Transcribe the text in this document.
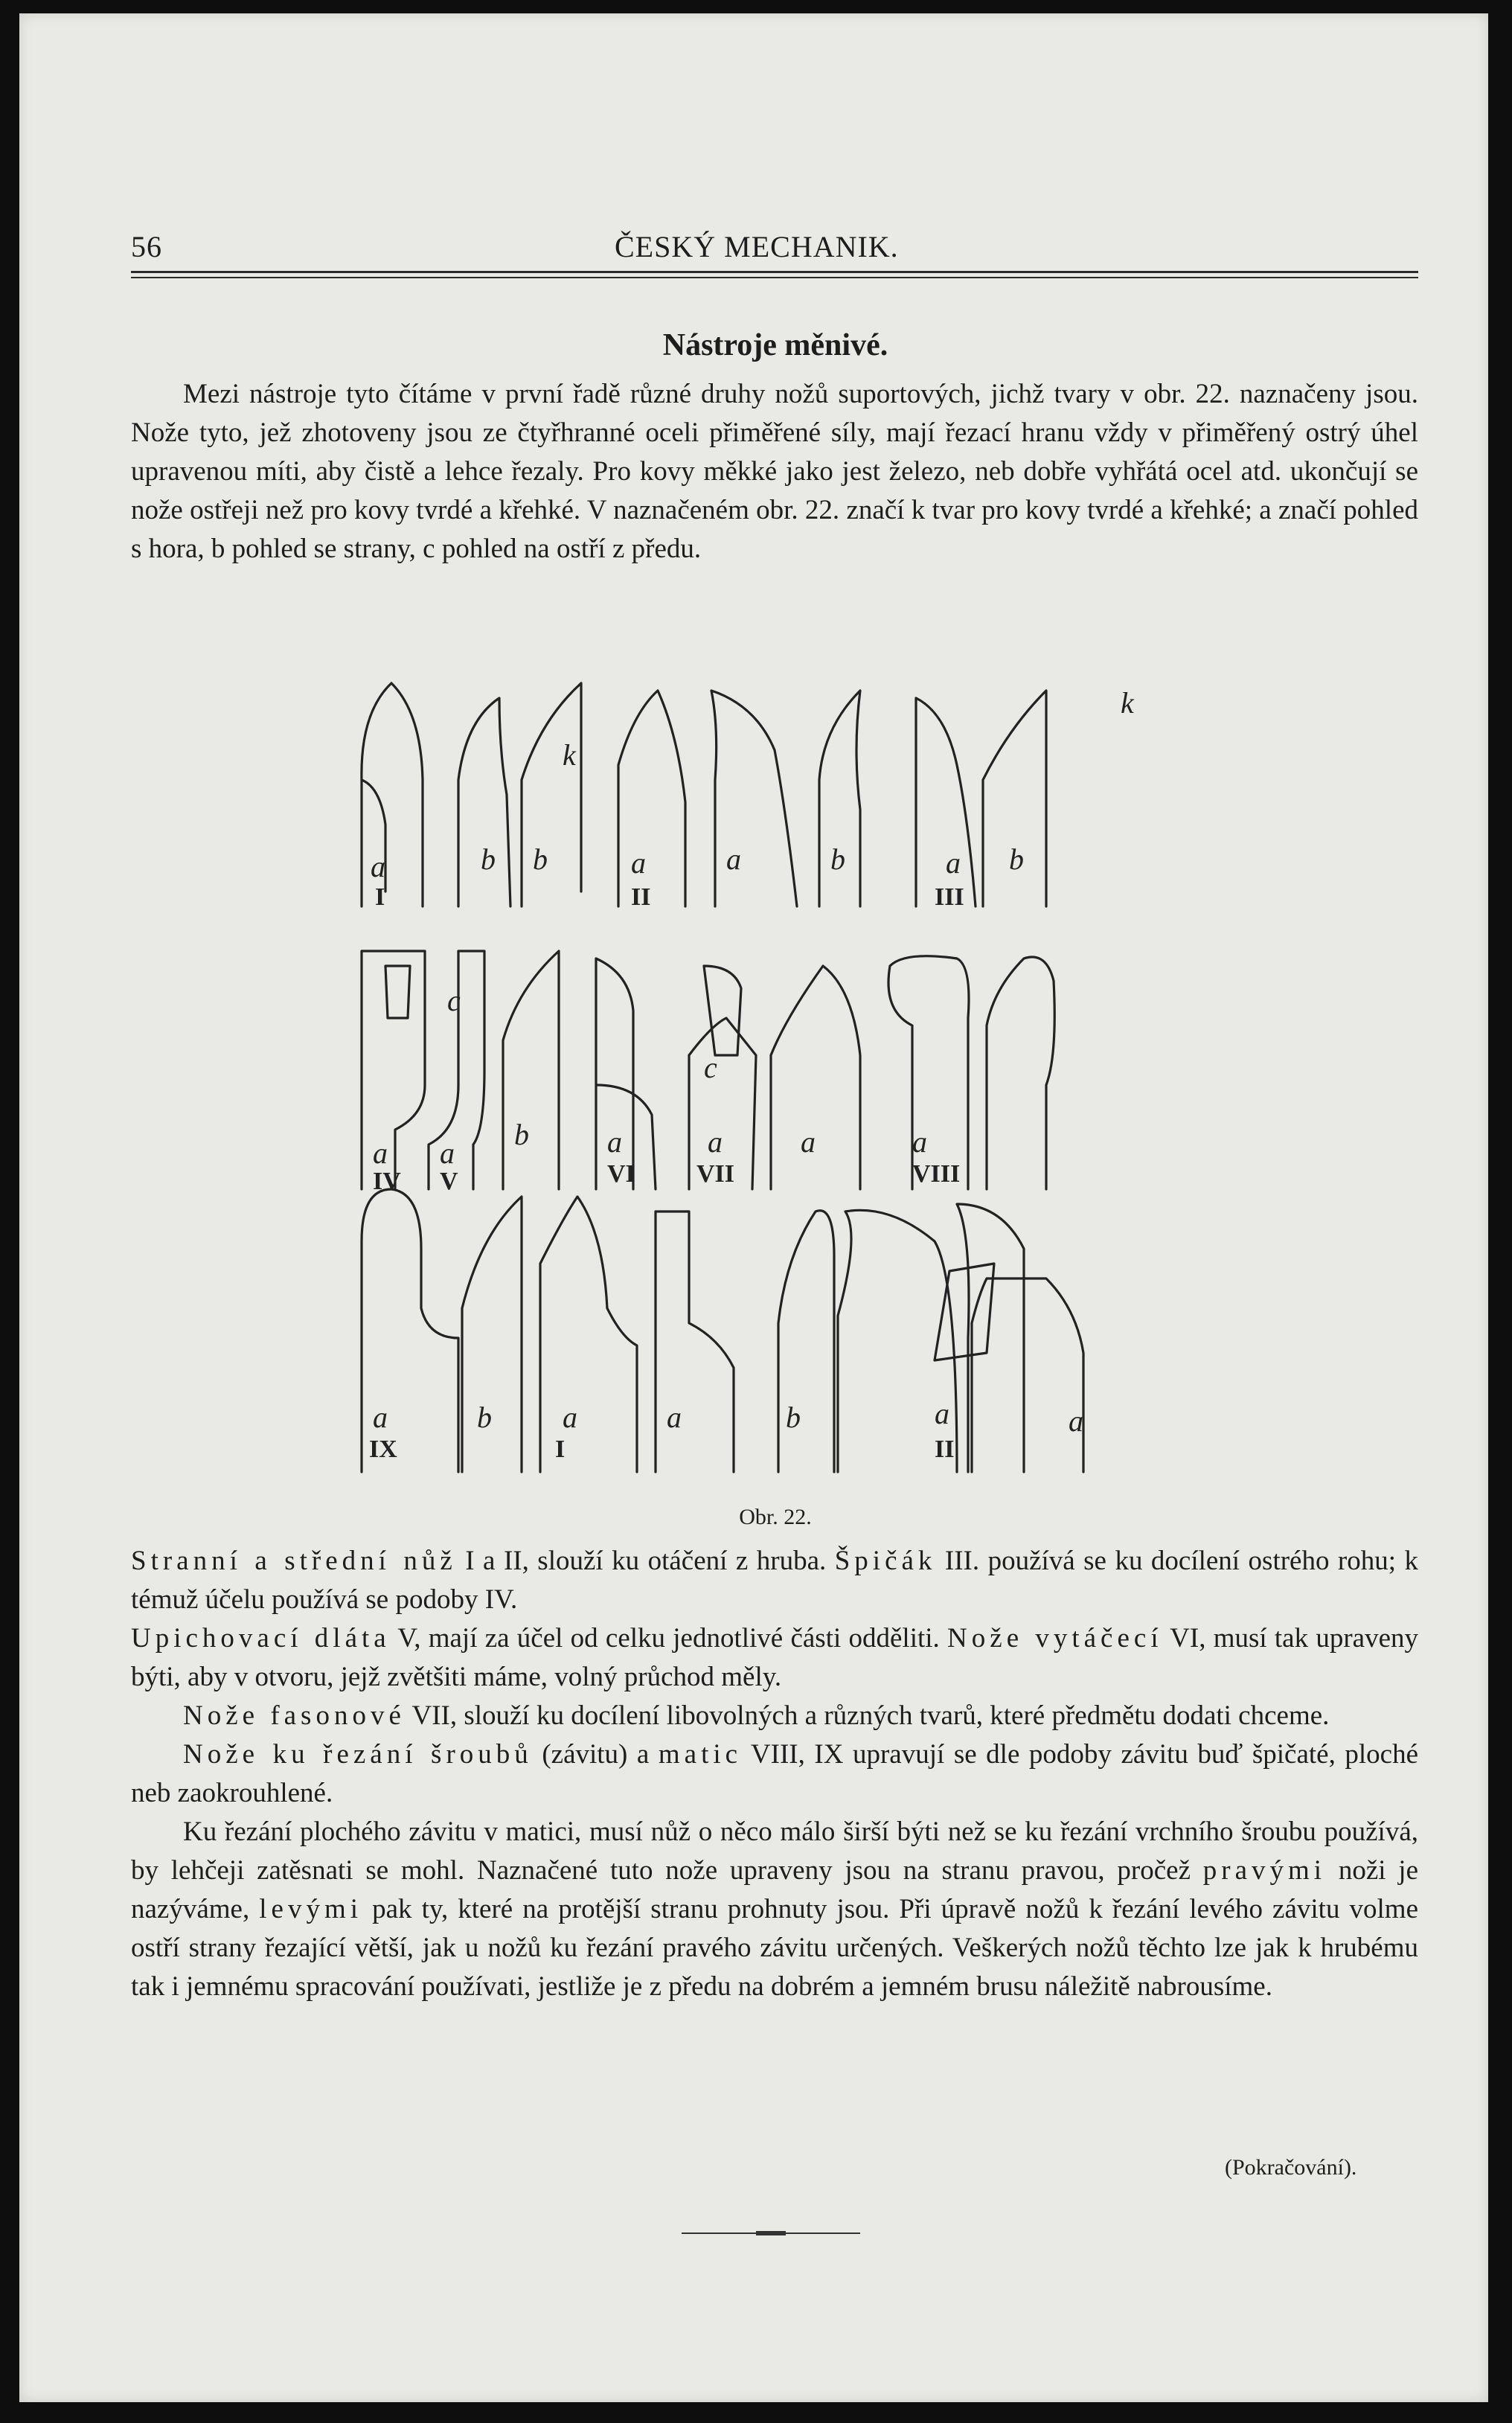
56	ČESKÝ MECHANIK.
Nástroje měnivé.

Mezi nástroje tyto čítáme v první řadě různé druhy nožů suportových, jichž tvary v obr. 22. naznačeny jsou. Nože tyto, jež zhotoveny jsou ze čtyřhranné oceli přiměřené síly, mají řezací hranu vždy v přiměřený ostrý úhel upravenou míti, aby čistě a lehce řezaly. Pro kovy měkké jako jest železo, neb dobře vyhřátá ocel atd. ukončují se nože ostřeji než pro kovy tvrdé a křehké. V naznačeném obr. 22. značí k tvar pro kovy tvrdé a křehké; a značí pohled s hora, b pohled se strany, c pohled na ostří z předu.

a
I
b b
k
a
II
a	b	a
III
b
k
c
a
IV
a
V
b	a
VI
c
a
VII
a	a
VIII
a
IX
b a
I
a	b	a
II
a
Obr. 22.

Stranní a střední nůž I a II, slouží ku otáčení z hruba. Špičák III. používá se ku docílení ostrého rohu; k témuž účelu používá se podoby IV.

Upichovací dláta V, mají za účel od celku jednotlivé části odděliti. Nože vytáčecí VI, musí tak upraveny býti, aby v otvoru, jejž zvětšiti máme, volný průchod měly.

Nože fasonové VII, slouží ku docílení libovolných a různých tvarů, které předmětu dodati chceme.

Nože ku řezání šroubů (závitu) a matic VIII, IX upravují se dle podoby závitu buď špičaté, ploché neb zaokrouhlené.

Ku řezání plochého závitu v matici, musí nůž o něco málo širší býti než se ku řezání vrchního šroubu používá, by lehčeji zatěsnati se mohl. Naznačené tuto nože upraveny jsou na stranu pravou, pročež pravými noži je nazýváme, levými pak ty, které na protější stranu prohnuty jsou. Při úpravě nožů k řezání levého závitu volme ostří strany řezající větší, jak u nožů ku řezání pravého závitu určených. Veškerých nožů těchto lze jak k hrubému tak i jemnému spracování používati, jestliže je z předu na dobrém a jemném brusu náležitě nabrousíme.

(Pokračování).
